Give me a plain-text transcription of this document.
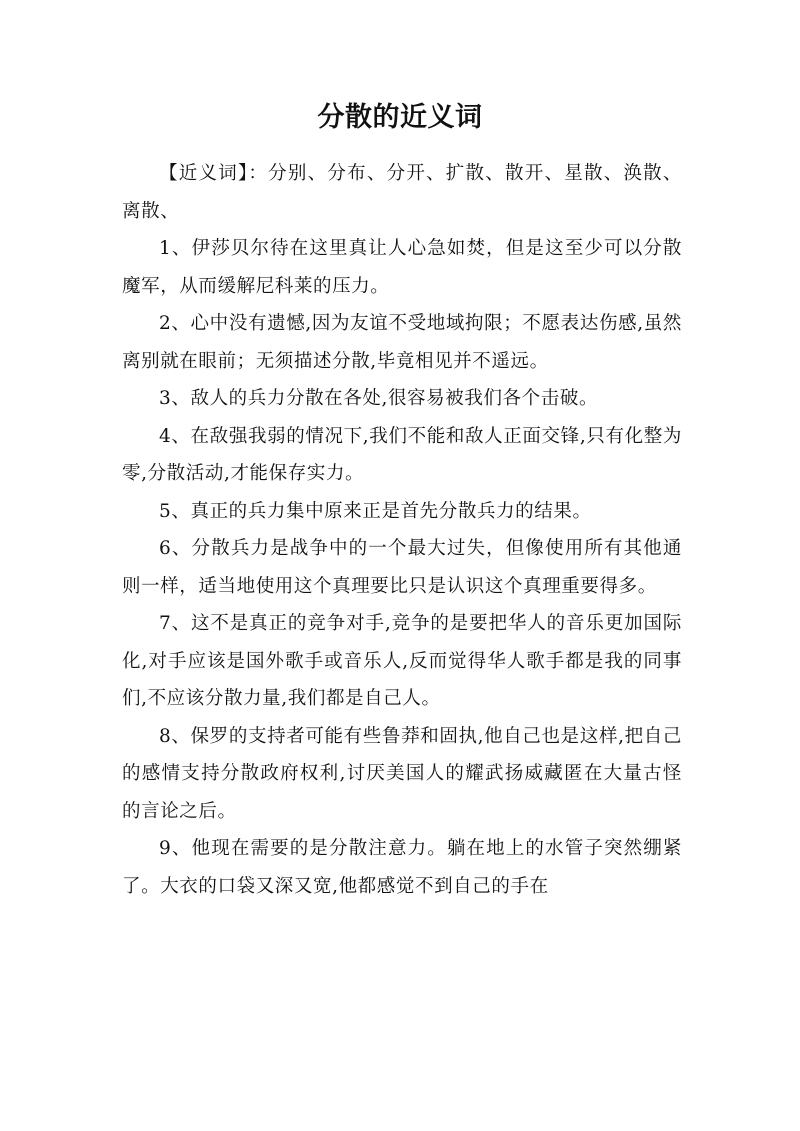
分散的近义词

【近义词】：分别、分布、分开、扩散、散开、星散、涣散、离散、

1、伊莎贝尔待在这里真让人心急如焚，但是这至少可以分散魔军，从而缓解尼科莱的压力。

2、心中没有遗憾,因为友谊不受地域拘限；不愿表达伤感,虽然离别就在眼前；无须描述分散,毕竟相见并不遥远。

3、敌人的兵力分散在各处,很容易被我们各个击破。

4、在敌强我弱的情况下,我们不能和敌人正面交锋,只有化整为零,分散活动,才能保存实力。

5、真正的兵力集中原来正是首先分散兵力的结果。

6、分散兵力是战争中的一个最大过失，但像使用所有其他通则一样，适当地使用这个真理要比只是认识这个真理重要得多。

7、这不是真正的竞争对手,竞争的是要把华人的音乐更加国际化,对手应该是国外歌手或音乐人,反而觉得华人歌手都是我的同事们,不应该分散力量,我们都是自己人。

8、保罗的支持者可能有些鲁莽和固执,他自己也是这样,把自己的感情支持分散政府权利,讨厌美国人的耀武扬威藏匿在大量古怪的言论之后。

9、他现在需要的是分散注意力。躺在地上的水管子突然绷紧了。大衣的口袋又深又宽,他都感觉不到自己的手在
